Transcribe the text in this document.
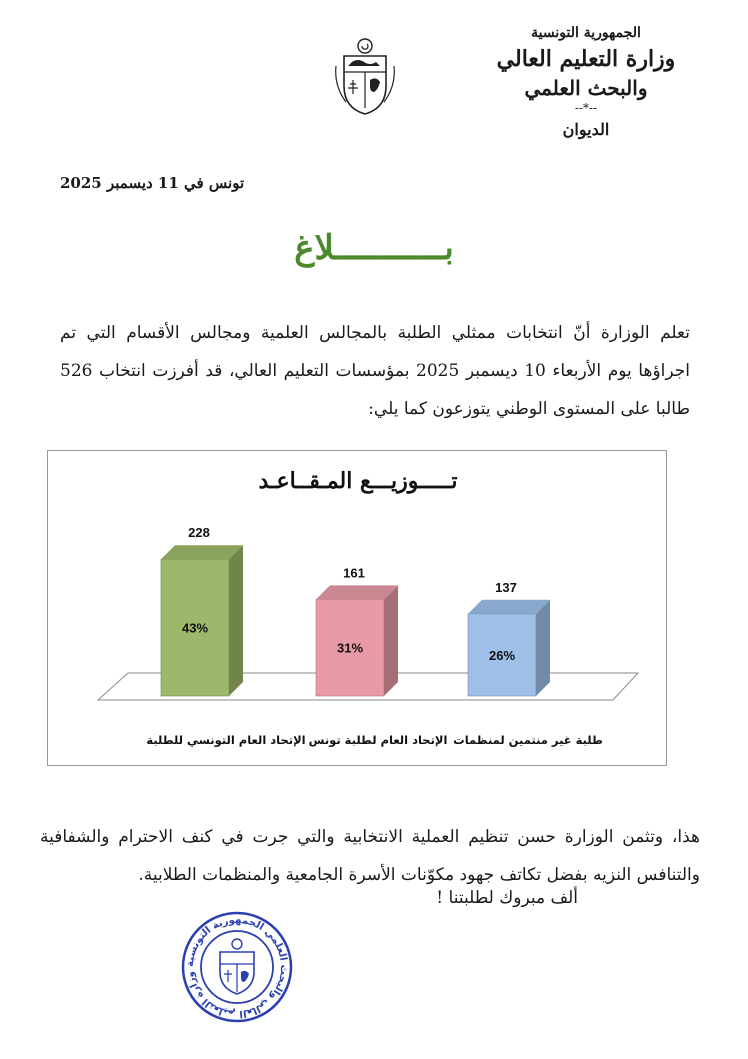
الجمهورية التونسية
وزارة التعليم العالي
والبحث العلمي
--*--
الديوان
تونس في 11 ديسمبر 2025
بـــــــــــلاغ
تعلم الوزارة أنّ انتخابات ممثلي الطلبة بالمجالس العلمية ومجالس الأقسام التي تم اجراؤها يوم الأربعاء 10 ديسمبر 2025 بمؤسسات التعليم العالي، قد أفرزت انتخاب 526 طالبا على المستوى الوطني يتوزعون كما يلي:
تـــــوزيـــع المـقــاعـد
228
43%
161
31%
137
26%
الإتحاد العام التونسي للطلبة الإتحاد العام لطلبة تونس طلبة غير منتمين لمنظمات
هذا، وتثمن الوزارة حسن تنظيم العملية الانتخابية والتي جرت في كنف الاحترام والشفافية والتنافس النزيه بفضل تكاتف جهود مكوّنات الأسرة الجامعية والمنظمات الطلابية.
ألف مبروك لطلبتنا !
وزارة التعليم العالي والبحث العلمي الجمهورية التونسية
